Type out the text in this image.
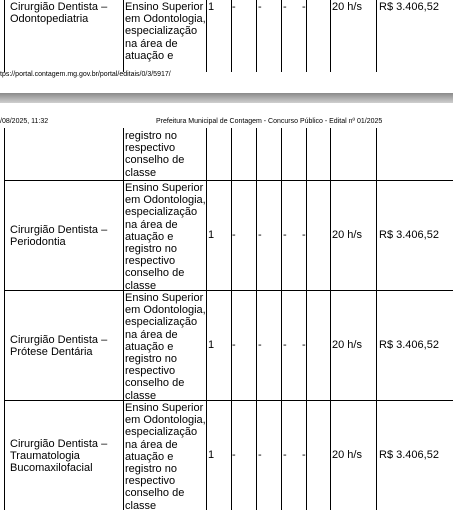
Ensino Superior
em Odontologia,
especialização
na área de
atuação e
Cirurgião Dentista –
Odontopediatria
1 - - - - 20 h/s R$ 3.406,52
tps://portal.contagem.mg.gov.br/portal/editais/0/3/5917/
registro no
respectivo
conselho de
classe
Ensino Superior
em Odontologia,
especialização
na área de
atuação e
registro no
respectivo
conselho de
classe
Cirurgião Dentista –
Periodontia
1 - - - - 20 h/s R$ 3.406,52
Ensino Superior
em Odontologia,
especialização
na área de
atuação e
registro no
respectivo
conselho de
classe
Cirurgião Dentista –
Prótese Dentária
1 - - - - 20 h/s R$ 3.406,52
Ensino Superior
em Odontologia,
especialização
na área de
atuação e
registro no
respectivo
conselho de
classe
Cirurgião Dentista –
Traumatologia
Bucomaxilofacial
1 - - - - 20 h/s R$ 3.406,52
/08/2025, 11:32	Prefeitura Municipal de Contagem - Concurso Público - Edital nº 01/2025
